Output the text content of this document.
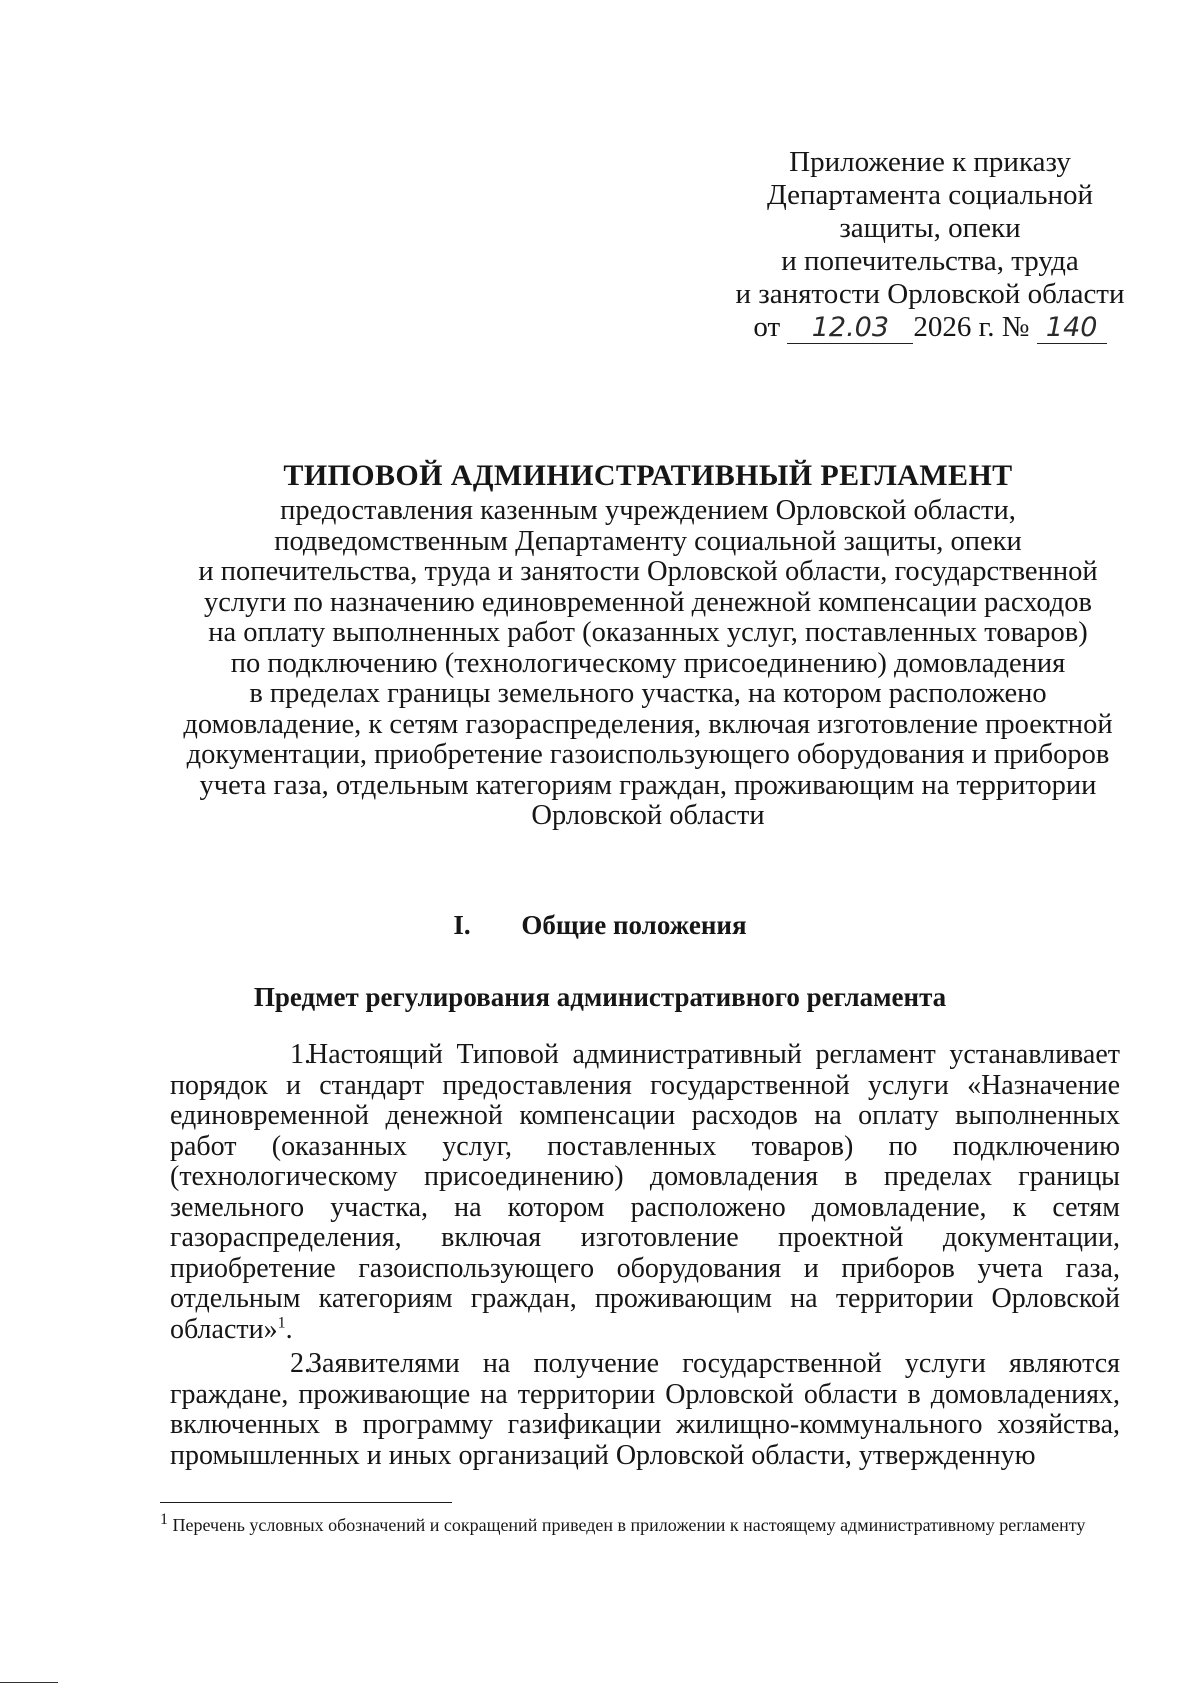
Приложение к приказу
Департамента социальной
защиты, опеки
и попечительства, труда
и занятости Орловской области
от 12.03 2026 г. № 140

ТИПОВОЙ АДМИНИСТРАТИВНЫЙ РЕГЛАМЕНТ

предоставления казенным учреждением Орловской области,
подведомственным Департаменту социальной защиты, опеки
и попечительства, труда и занятости Орловской области, государственной
услуги по назначению единовременной денежной компенсации расходов
на оплату выполненных работ (оказанных услуг, поставленных товаров)
по подключению (технологическому присоединению) домовладения
в пределах границы земельного участка, на котором расположено
домовладение, к сетям газораспределения, включая изготовление проектной
документации, приобретение газоиспользующего оборудования и приборов
учета газа, отдельным категориям граждан, проживающим на территории
Орловской области
I. Общие положения
Предмет регулирования административного регламента

1.Настоящий Типовой административный регламент устанавливает порядок и стандарт предоставления государственной услуги «Назначение единовременной денежной компенсации расходов на оплату выполненных работ (оказанных услуг, поставленных товаров) по подключению (технологическому присоединению) домовладения в пределах границы земельного участка, на котором расположено домовладение, к сетям газораспределения, включая изготовление проектной документации, приобретение газоиспользующего оборудования и приборов учета газа, отдельным категориям граждан, проживающим на территории Орловской области»$^1$.

2.Заявителями на получение государственной услуги являются граждане, проживающие на территории Орловской области в домовладениях, включенных в программу газификации жилищно-коммунального хозяйства, промышленных и иных организаций Орловской области, утвержденную

$^1$ Перечень условных обозначений и сокращений приведен в приложении к настоящему административному регламенту
